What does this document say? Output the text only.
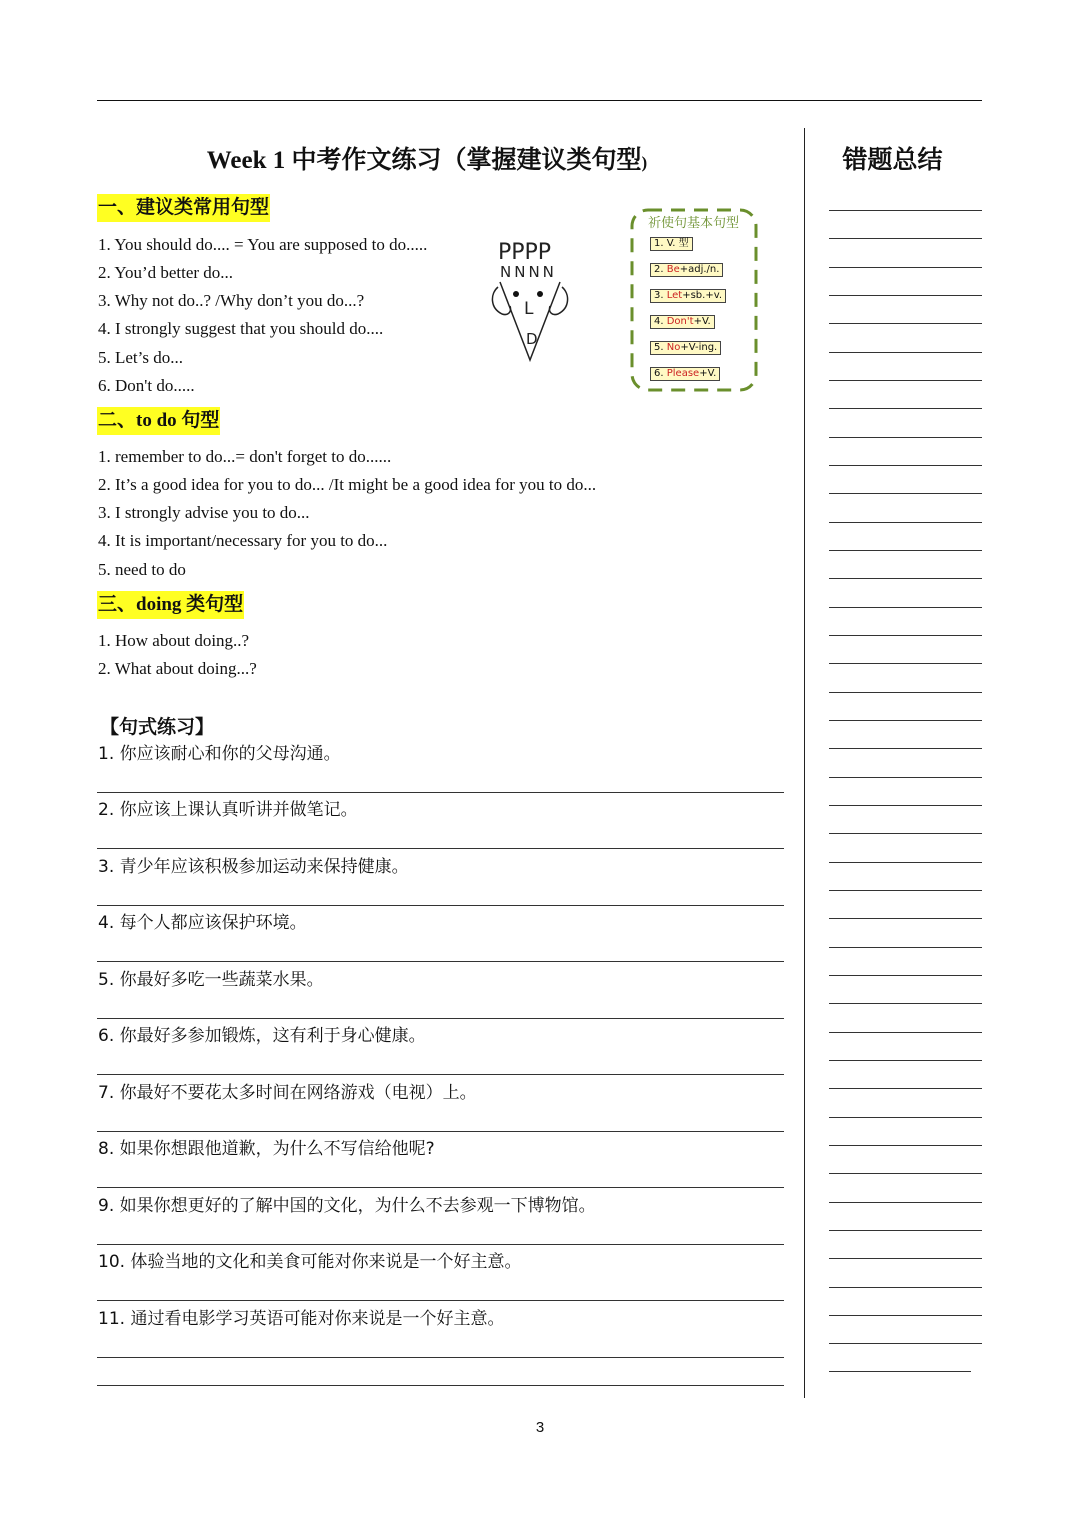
Week 1 中考作文练习（掌握建议类句型)	错题总结
一、建议类常用句型
1. You should do.... = You are supposed to do.....
2. You’d better do...
3. Why not do..? /Why don’t you do...?
4. I strongly suggest that you should do....
5. Let’s do...
6. Don't do.....
PPPP
NNNN
L
D
祈使句基本句型
1. V. 型
2. Be+adj./n.
3. Let+sb.+v.
4. Don't+V.
5. No+V-ing.
6. Please+V.
二、to do 句型
1. remember to do...= don't forget to do......
2. It’s a good idea for you to do... /It might be a good idea for you to do...
3. I strongly advise you to do...
4. It is important/necessary for you to do...
5. need to do
三、doing 类句型
1. How about doing..?
2. What about doing...?
【句式练习】
1. 你应该耐心和你的父母沟通。
2. 你应该上课认真听讲并做笔记。
3. 青少年应该积极参加运动来保持健康。
4. 每个人都应该保护环境。
5. 你最好多吃一些蔬菜水果。
6. 你最好多参加锻炼，这有利于身心健康。
7. 你最好不要花太多时间在网络游戏（电视）上。
8. 如果你想跟他道歉，为什么不写信给他呢?
9. 如果你想更好的了解中国的文化，为什么不去参观一下博物馆。
10. 体验当地的文化和美食可能对你来说是一个好主意。
11. 通过看电影学习英语可能对你来说是一个好主意。
3
